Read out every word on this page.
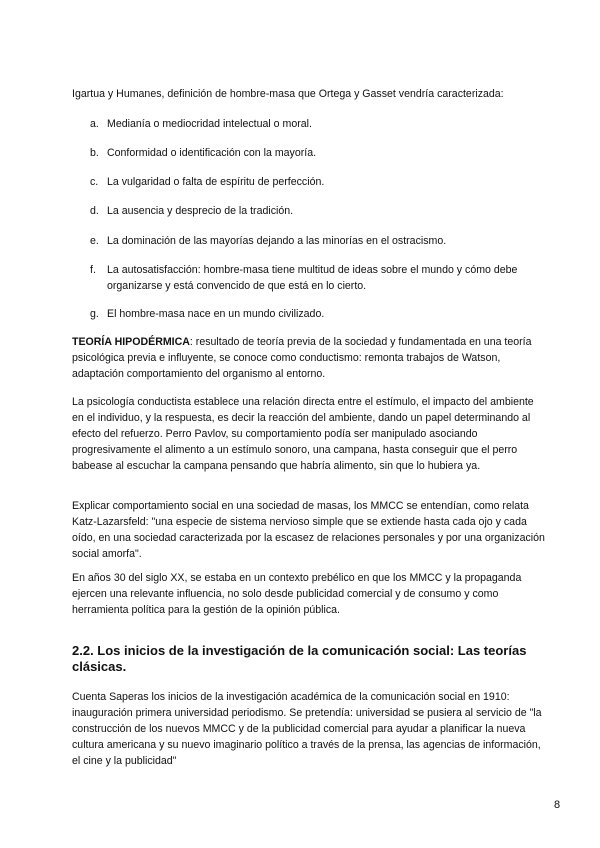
Igartua y Humanes, definición de hombre-masa que Ortega y Gasset vendría caracterizada:

a. Medianía o mediocridad intelectual o moral.
b. Conformidad o identificación con la mayoría.
c. La vulgaridad o falta de espíritu de perfección.
d. La ausencia y desprecio de la tradición.
e. La dominación de las mayorías dejando a las minorías en el ostracismo.
f.	La autosatisfacción: hombre-masa tiene multitud de ideas sobre el mundo y cómo debe organizarse y está convencido de que está en lo cierto.
g. El hombre-masa nace en un mundo civilizado.

TEORÍA HIPODÉRMICA: resultado de teoría previa de la sociedad y fundamentada en una teoría psicológica previa e influyente, se conoce como conductismo: remonta trabajos de Watson, adaptación comportamiento del organismo al entorno.

La psicología conductista establece una relación directa entre el estímulo, el impacto del ambiente en el individuo, y la respuesta, es decir la reacción del ambiente, dando un papel determinando al efecto del refuerzo. Perro Pavlov, su comportamiento podía ser manipulado asociando progresivamente el alimento a un estímulo sonoro, una campana, hasta conseguir que el perro babease al escuchar la campana pensando que habría alimento, sin que lo hubiera ya.

Explicar comportamiento social en una sociedad de masas, los MMCC se entendían, como relata Katz-Lazarsfeld: "una especie de sistema nervioso simple que se extiende hasta cada ojo y cada oído, en una sociedad caracterizada por la escasez de relaciones personales y por una organización social amorfa".

En años 30 del siglo XX, se estaba en un contexto prebélico en que los MMCC y la propaganda ejercen una relevante influencia, no solo desde publicidad comercial y de consumo y como herramienta política para la gestión de la opinión pública.

2.2. Los inicios de la investigación de la comunicación social: Las teorías clásicas.

Cuenta Saperas los inicios de la investigación académica de la comunicación social en 1910: inauguración primera universidad periodismo. Se pretendía: universidad se pusiera al servicio de "la construcción de los nuevos MMCC y de la publicidad comercial para ayudar a planificar la nueva cultura americana y su nuevo imaginario político a través de la prensa, las agencias de información, el cine y la publicidad"

8
